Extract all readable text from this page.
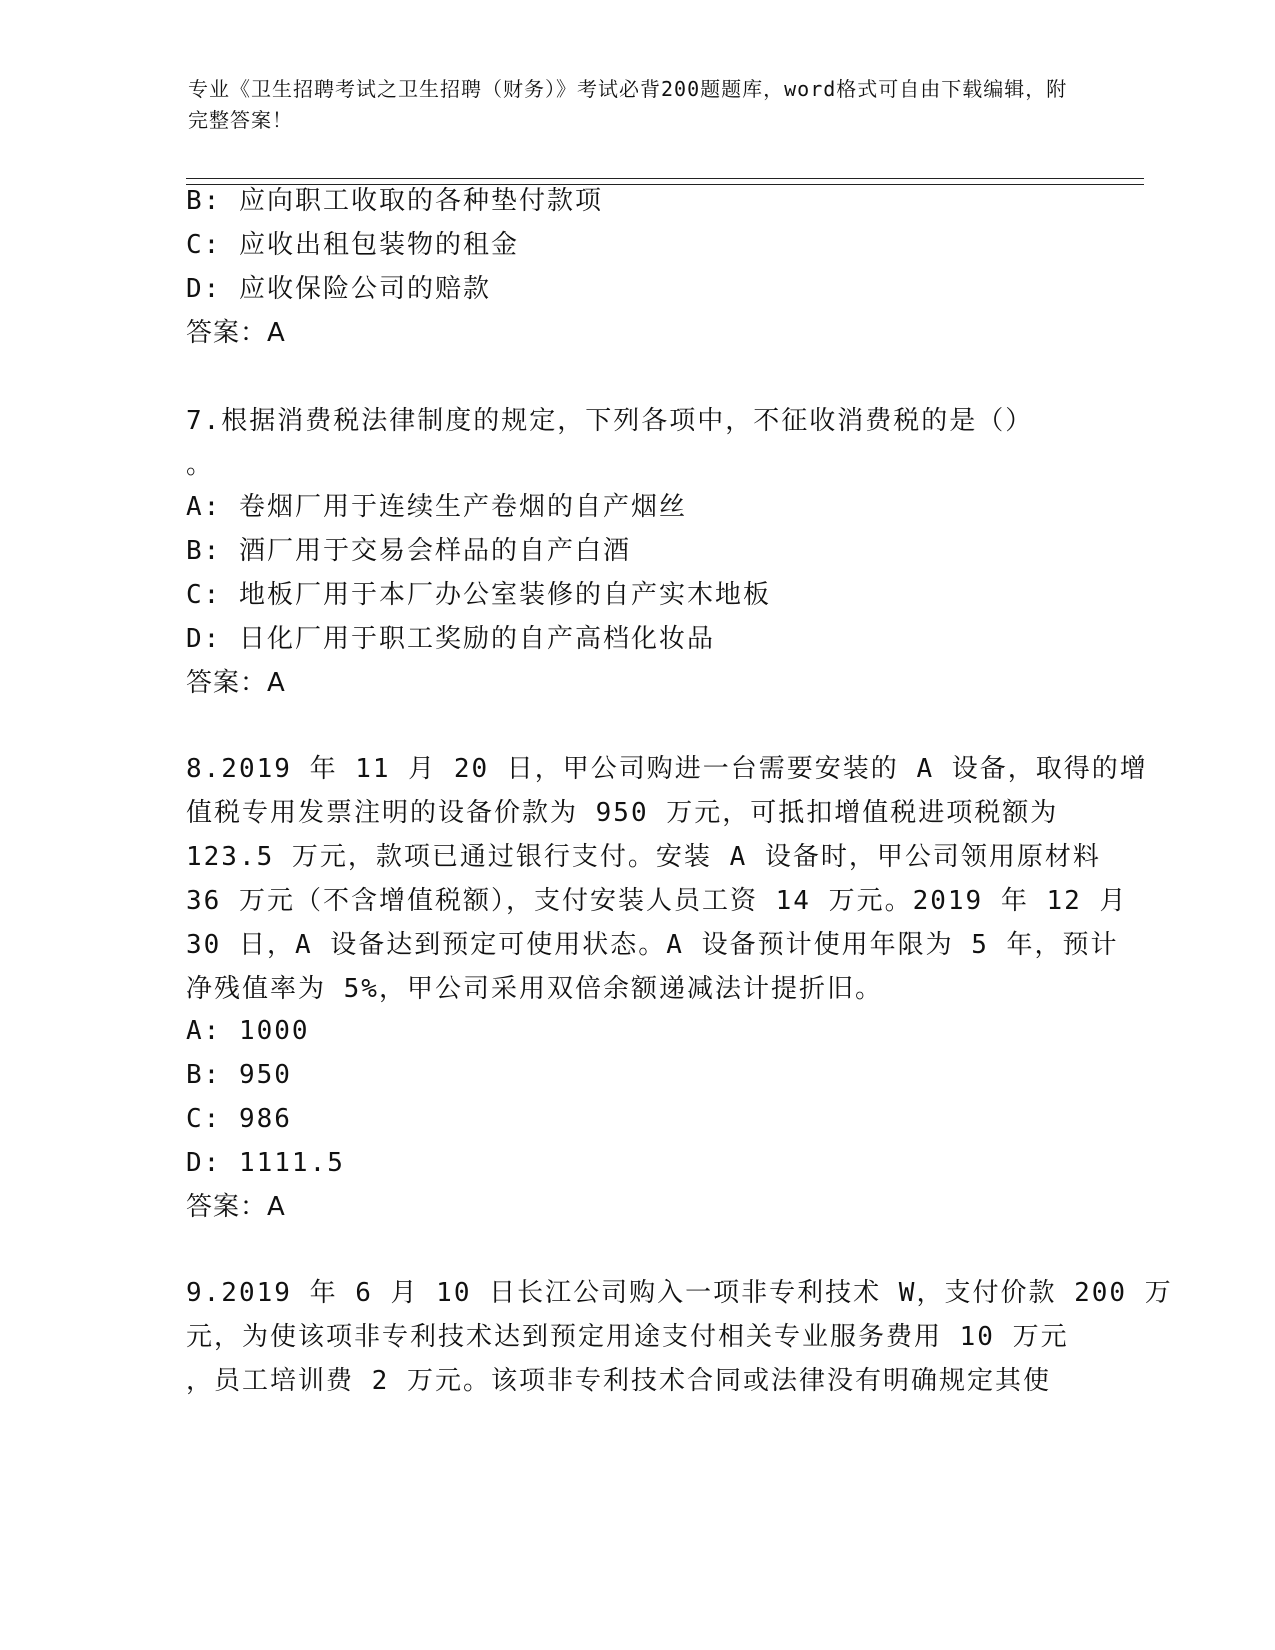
专业《卫生招聘考试之卫生招聘（财务）》考试必背200题题库，word格式可自由下载编辑，附完整答案！
B: 应向职工收取的各种垫付款项
C: 应收出租包装物的租金
D: 应收保险公司的赔款
答案：A
7.根据消费税法律制度的规定，下列各项中，不征收消费税的是（）
。
A: 卷烟厂用于连续生产卷烟的自产烟丝
B: 酒厂用于交易会样品的自产白酒
C: 地板厂用于本厂办公室装修的自产实木地板
D: 日化厂用于职工奖励的自产高档化妆品
答案：A
8.2019 年 11 月 20 日，甲公司购进一台需要安装的 A 设备，取得的增
值税专用发票注明的设备价款为 950 万元，可抵扣增值税进项税额为
123.5 万元，款项已通过银行支付。安装 A 设备时，甲公司领用原材料
36 万元（不含增值税额），支付安装人员工资 14 万元。2019 年 12 月
30 日，A 设备达到预定可使用状态。A 设备预计使用年限为 5 年，预计
净残值率为 5%，甲公司采用双倍余额递减法计提折旧。
A: 1000
B: 950
C: 986
D: 1111.5
答案：A
9.2019 年 6 月 10 日长江公司购入一项非专利技术 W，支付价款 200 万
元，为使该项非专利技术达到预定用途支付相关专业服务费用 10 万元
，员工培训费 2 万元。该项非专利技术合同或法律没有明确规定其使
